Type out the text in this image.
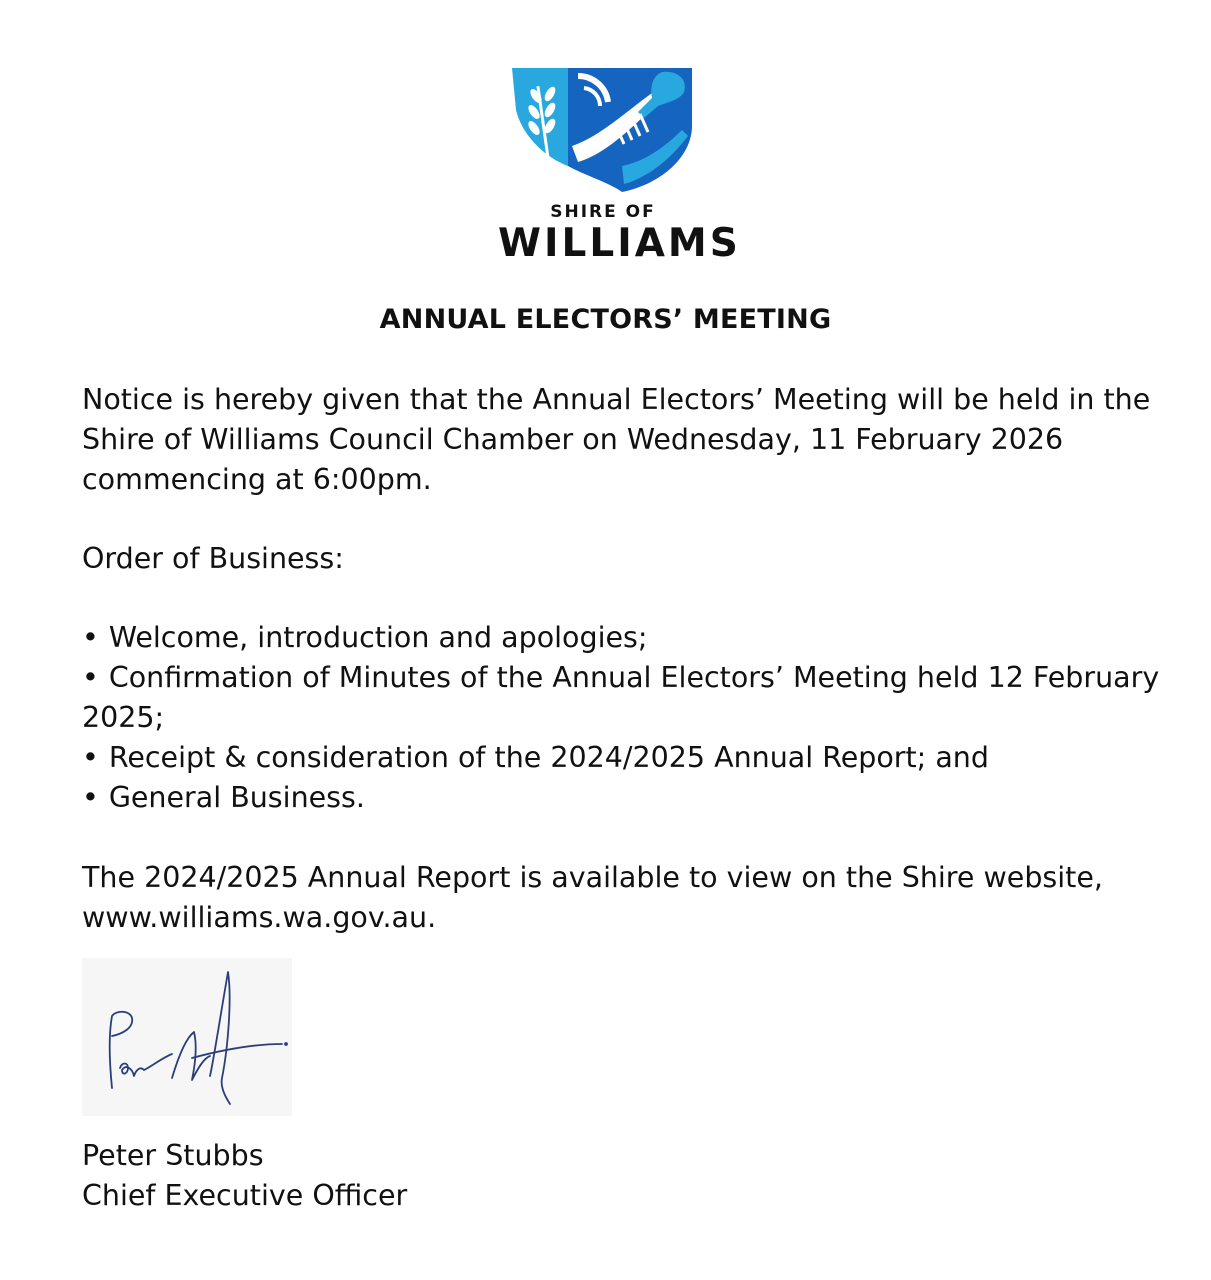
SHIRE OF
WILLIAMS
ANNUAL ELECTORS’ MEETING

Notice is hereby given that the Annual Electors’ Meeting will be held in the Shire of Williams Council Chamber on Wednesday, 11 February 2026 commencing at 6:00pm.

Order of Business:

• Welcome, introduction and apologies;
• Confirmation of Minutes of the Annual Electors’ Meeting held 12 February 2025;
• Receipt & consideration of the 2024/2025 Annual Report; and
• General Business.

The 2024/2025 Annual Report is available to view on the Shire website, www.williams.wa.gov.au.

Peter Stubbs

Chief Executive Officer
